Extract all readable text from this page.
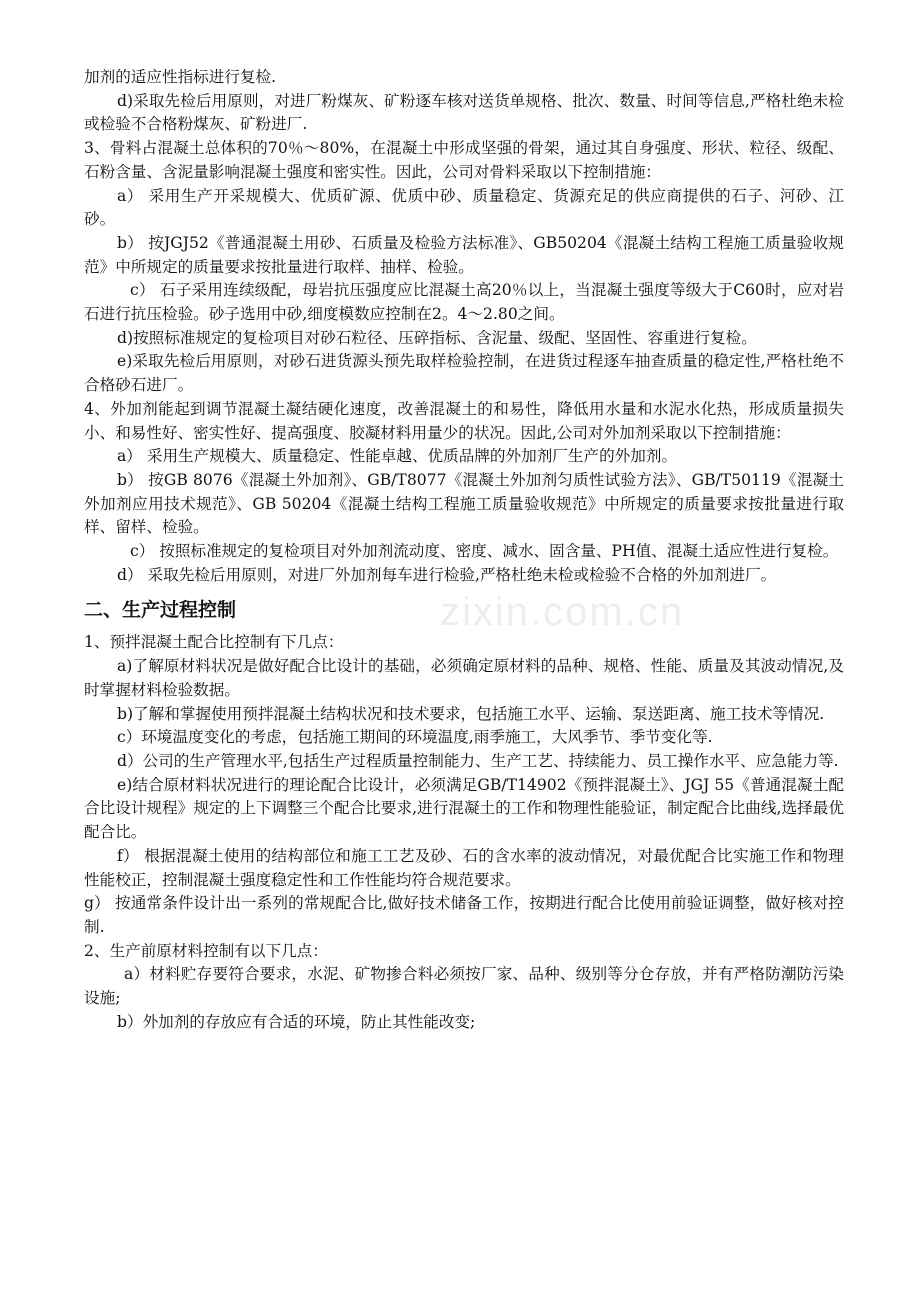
加剂的适应性指标进行复检.

d)采取先检后用原则，对进厂粉煤灰、矿粉逐车核对送货单规格、批次、数量、时间等信息,严格杜绝未检或检验不合格粉煤灰、矿粉进厂.

3、骨料占混凝土总体积的70％～80%，在混凝土中形成坚强的骨架，通过其自身强度、形状、粒径、级配、石粉含量、含泥量影响混凝土强度和密实性。因此，公司对骨料采取以下控制措施：

a） 采用生产开采规模大、优质矿源、优质中砂、质量稳定、货源充足的供应商提供的石子、河砂、江砂。

b） 按JGJ52《普通混凝土用砂、石质量及检验方法标准》、GB50204《混凝土结构工程施工质量验收规范》中所规定的质量要求按批量进行取样、抽样、检验。

c） 石子采用连续级配，母岩抗压强度应比混凝土高20％以上，当混凝土强度等级大于C60时，应对岩石进行抗压检验。砂子选用中砂,细度模数应控制在2。4～2.80之间。

d)按照标准规定的复检项目对砂石粒径、压碎指标、含泥量、级配、坚固性、容重进行复检。

e)采取先检后用原则，对砂石进货源头预先取样检验控制，在进货过程逐车抽查质量的稳定性,严格杜绝不合格砂石进厂。

4、外加剂能起到调节混凝土凝结硬化速度，改善混凝土的和易性，降低用水量和水泥水化热，形成质量损失小、和易性好、密实性好、提高强度、胶凝材料用量少的状况。因此,公司对外加剂采取以下控制措施：

a） 采用生产规模大、质量稳定、性能卓越、优质品牌的外加剂厂生产的外加剂。

b） 按GB 8076《混凝土外加剂》、GB/T8077《混凝土外加剂匀质性试验方法》、GB/T50119《混凝土外加剂应用技术规范》、GB 50204《混凝土结构工程施工质量验收规范》中所规定的质量要求按批量进行取样、留样、检验。

c） 按照标准规定的复检项目对外加剂流动度、密度、减水、固含量、PH值、混凝土适应性进行复检。

d） 采取先检后用原则，对进厂外加剂每车进行检验,严格杜绝未检或检验不合格的外加剂进厂。

二、生产过程控制

1、预拌混凝土配合比控制有下几点：

a)了解原材料状况是做好配合比设计的基础，必须确定原材料的品种、规格、性能、质量及其波动情况,及时掌握材料检验数据。

b)了解和掌握使用预拌混凝土结构状况和技术要求，包括施工水平、运输、泵送距离、施工技术等情况.

c）环境温度变化的考虑，包括施工期间的环境温度,雨季施工，大风季节、季节变化等.

d）公司的生产管理水平,包括生产过程质量控制能力、生产工艺、持续能力、员工操作水平、应急能力等.

e)结合原材料状况进行的理论配合比设计，必须满足GB/T14902《预拌混凝土》、JGJ 55《普通混凝土配合比设计规程》规定的上下调整三个配合比要求,进行混凝土的工作和物理性能验证，制定配合比曲线,选择最优配合比。

f） 根据混凝土使用的结构部位和施工工艺及砂、石的含水率的波动情况，对最优配合比实施工作和物理性能校正，控制混凝土强度稳定性和工作性能均符合规范要求。

g） 按通常条件设计出一系列的常规配合比,做好技术储备工作，按期进行配合比使用前验证调整，做好核对控制.

2、生产前原材料控制有以下几点：

a）材料贮存要符合要求，水泥、矿物掺合料必须按厂家、品种、级别等分仓存放，并有严格防潮防污染设施;

b）外加剂的存放应有合适的环境，防止其性能改变;

zixin.com.cn
